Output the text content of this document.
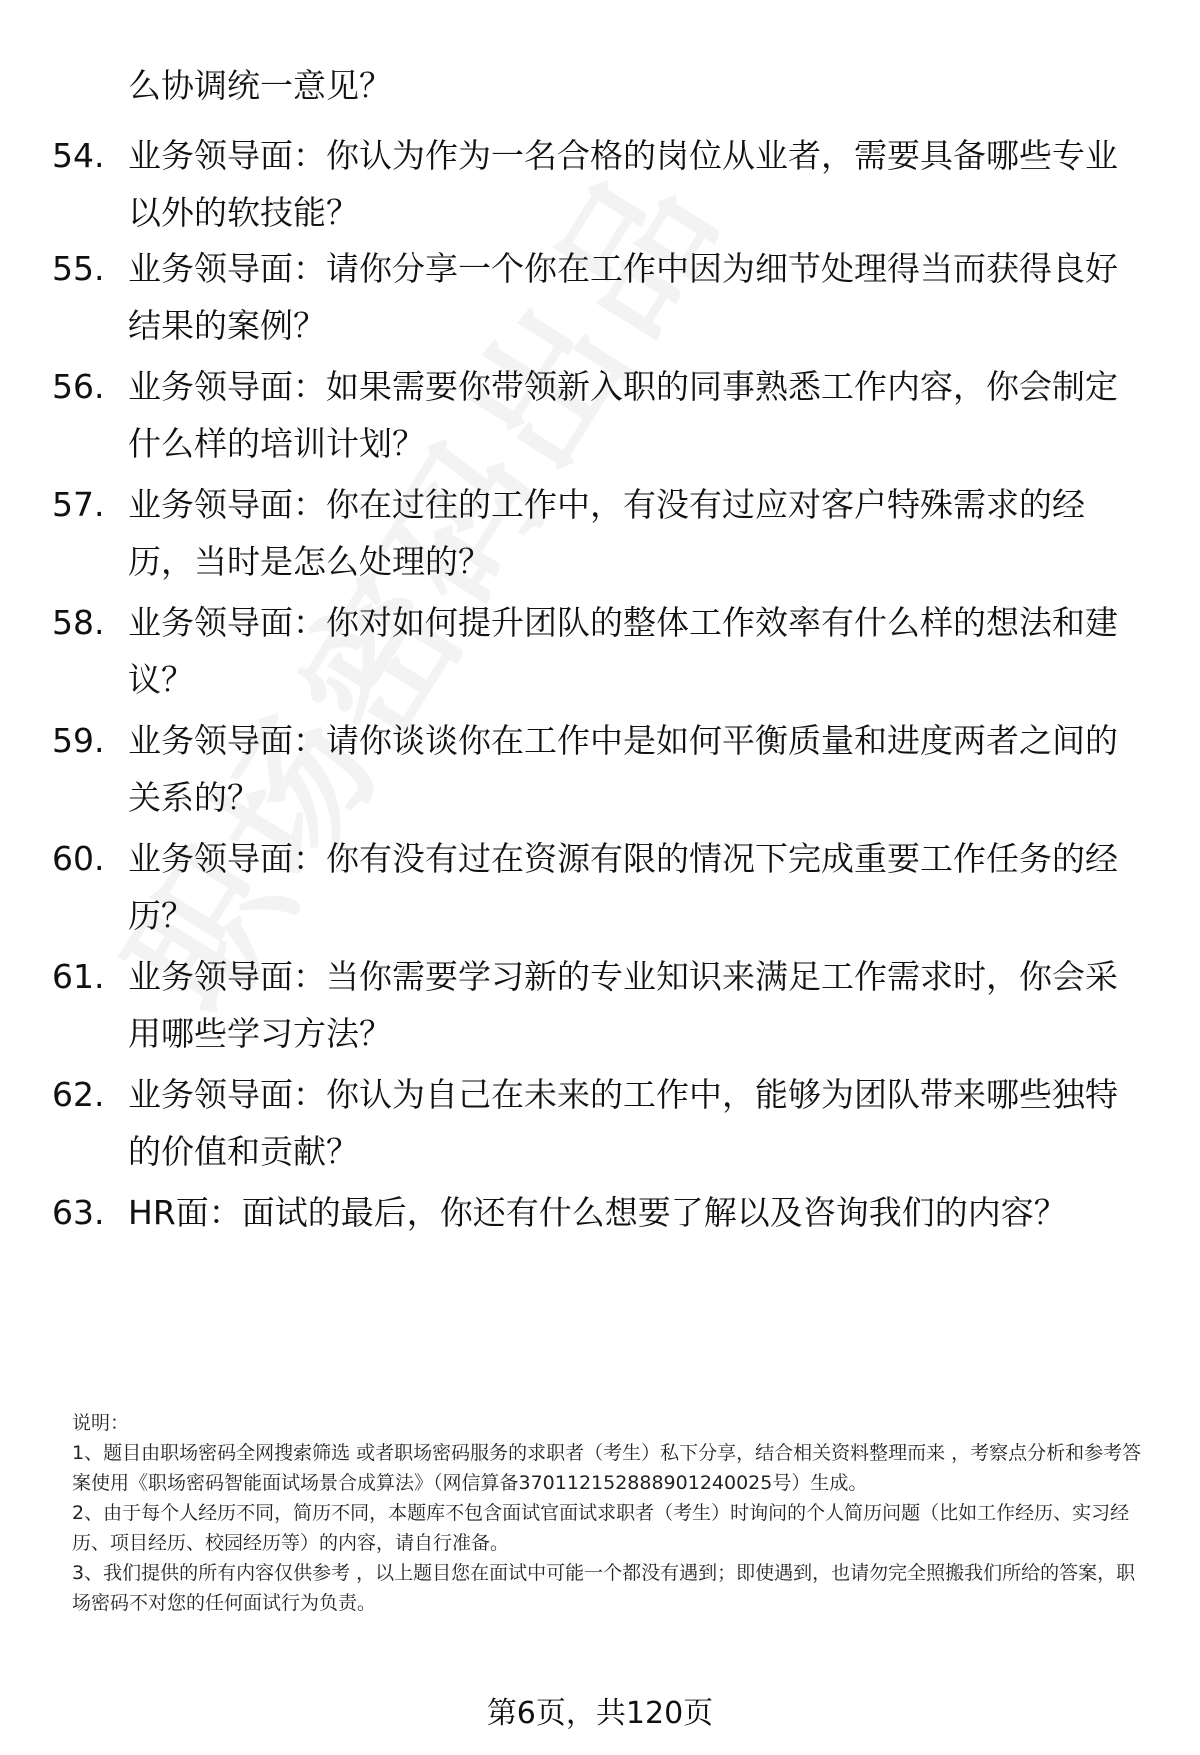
么协调统一意见？
54. 业务领导面：你认为作为一名合格的岗位从业者，需要具备哪些专业以外的软技能？
55. 业务领导面：请你分享一个你在工作中因为细节处理得当而获得良好结果的案例？
56. 业务领导面：如果需要你带领新入职的同事熟悉工作内容，你会制定什么样的培训计划？
57. 业务领导面：你在过往的工作中，有没有过应对客户特殊需求的经历，当时是怎么处理的？
58. 业务领导面：你对如何提升团队的整体工作效率有什么样的想法和建议？
59. 业务领导面：请你谈谈你在工作中是如何平衡质量和进度两者之间的关系的？
60. 业务领导面：你有没有过在资源有限的情况下完成重要工作任务的经历？
61. 业务领导面：当你需要学习新的专业知识来满足工作需求时，你会采用哪些学习方法？
62. 业务领导面：你认为自己在未来的工作中，能够为团队带来哪些独特的价值和贡献？
63. HR面：面试的最后，你还有什么想要了解以及咨询我们的内容？

说明：

1、题目由职场密码全网搜索筛选 或者职场密码服务的求职者（考生）私下分享，结合相关资料整理而来 ，考察点分析和参考答案使用《职场密码智能面试场景合成算法》（网信算备370112152888901240025号）生成。

2、由于每个人经历不同，简历不同，本题库不包含面试官面试求职者（考生）时询问的个人简历问题（比如工作经历、实习经历、项目经历、校园经历等）的内容，请自行准备。

3、我们提供的所有内容仅供参考 ，以上题目您在面试中可能一个都没有遇到；即使遇到，也请勿完全照搬我们所给的答案，职场密码不对您的任何面试行为负责。

第6页，共120页
